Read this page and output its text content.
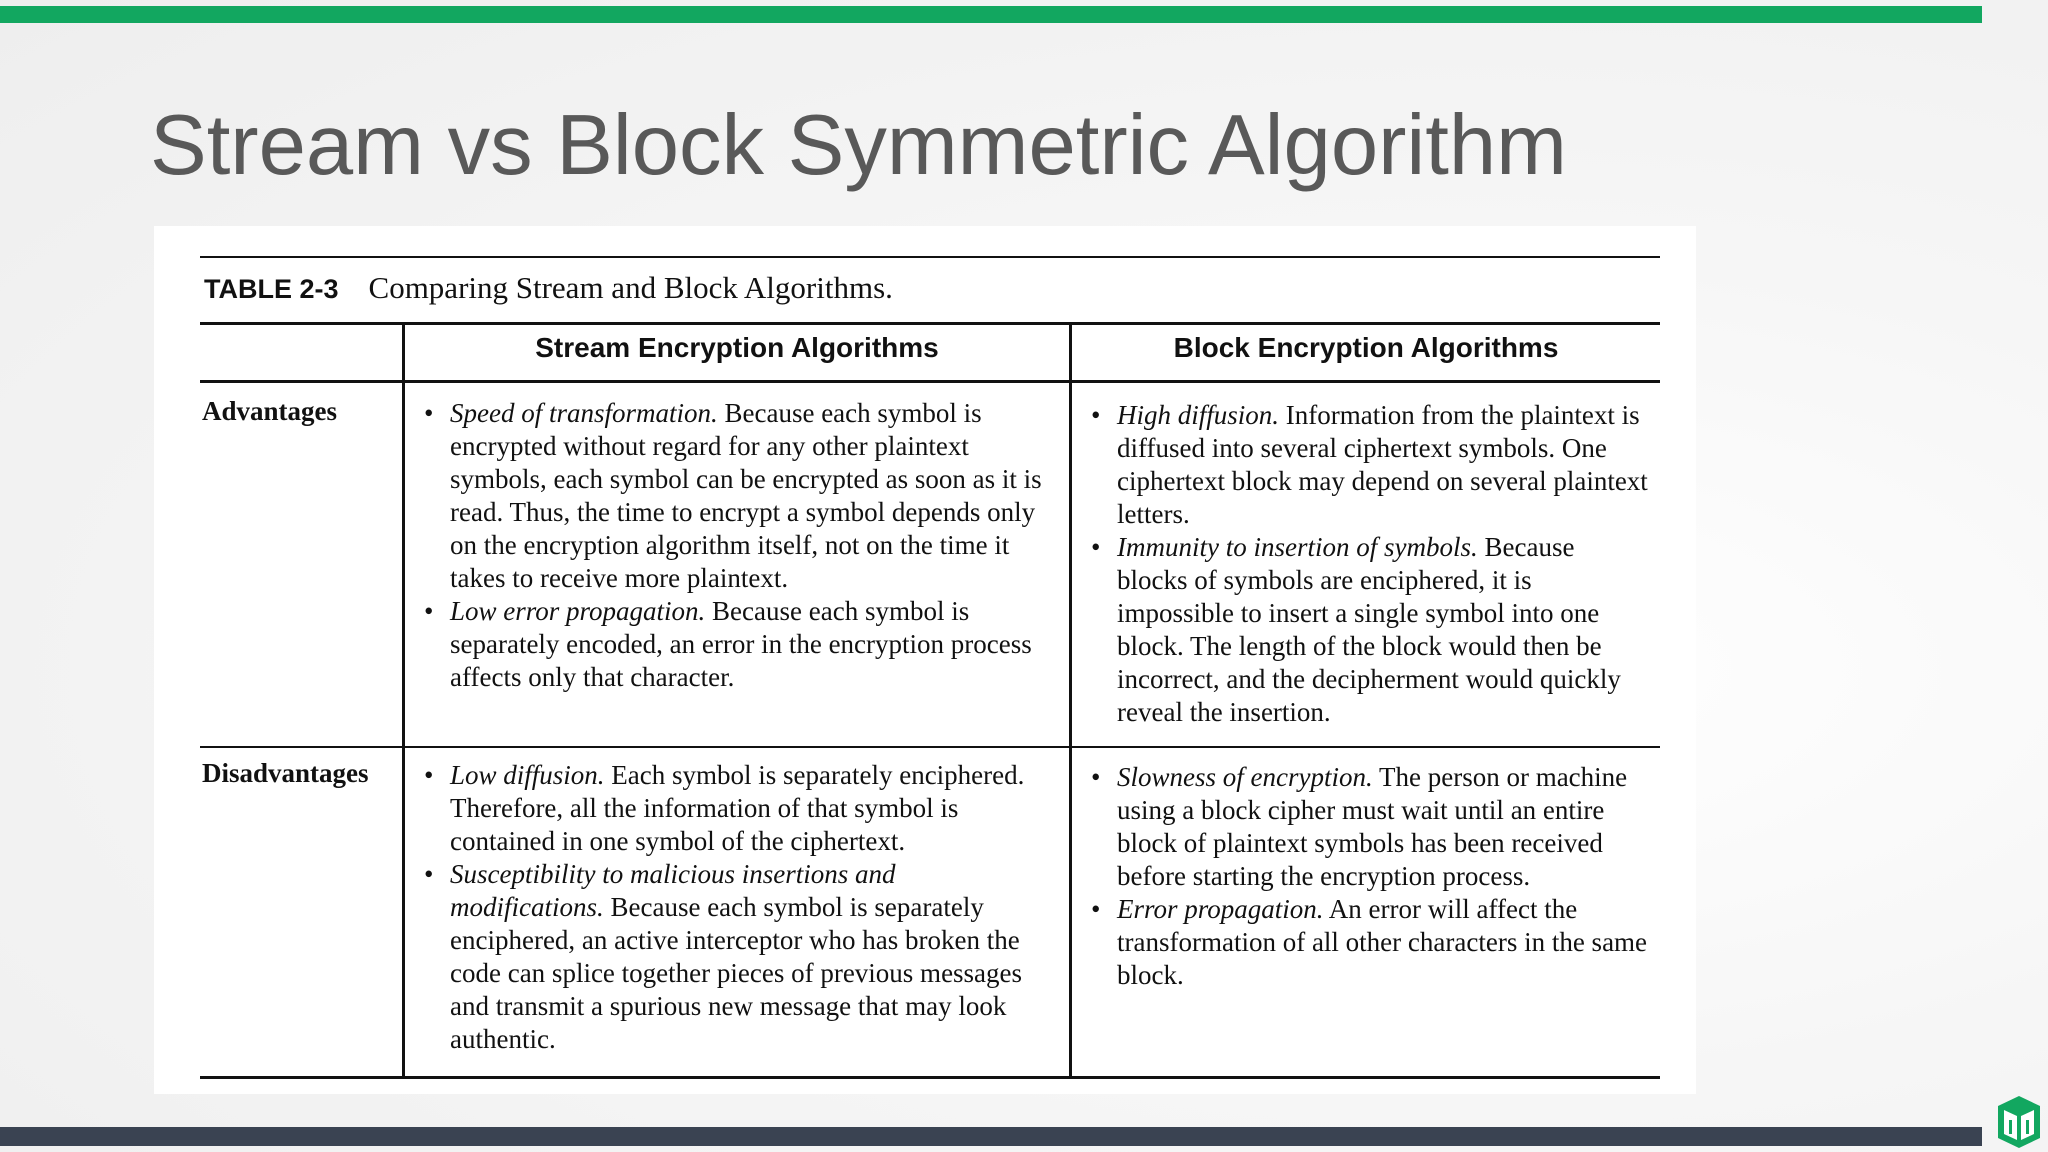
Stream vs Block Symmetric Algorithm
TABLE 2-3 Comparing Stream and Block Algorithms.
Stream Encryption Algorithms	Block Encryption Algorithms
Advantages
Disadvantages
• Speed of transformation. Because each symbol is encrypted without regard for any other plaintext symbols, each symbol can be encrypted as soon as it is read. Thus, the time to encrypt a symbol depends only on the encryption algorithm itself, not on the time it takes to receive more plaintext.
• Low error propagation. Because each symbol is separately encoded, an error in the encryption process affects only that character.
• High diffusion. Information from the plaintext is diffused into several ciphertext symbols. One ciphertext block may depend on several plaintext letters.
• Immunity to insertion of symbols. Because blocks of symbols are enciphered, it is impossible to insert a single symbol into one block. The length of the block would then be incorrect, and the decipherment would quickly reveal the insertion.
• Low diffusion. Each symbol is separately enciphered. Therefore, all the information of that symbol is contained in one symbol of the ciphertext.
• Susceptibility to malicious insertions and modifications. Because each symbol is separately enciphered, an active interceptor who has broken the code can splice together pieces of previous messages and transmit a spurious new message that may look authentic.
• Slowness of encryption. The person or machine using a block cipher must wait until an entire block of plaintext symbols has been received before starting the encryption process.
• Error propagation. An error will affect the transformation of all other characters in the same block.
